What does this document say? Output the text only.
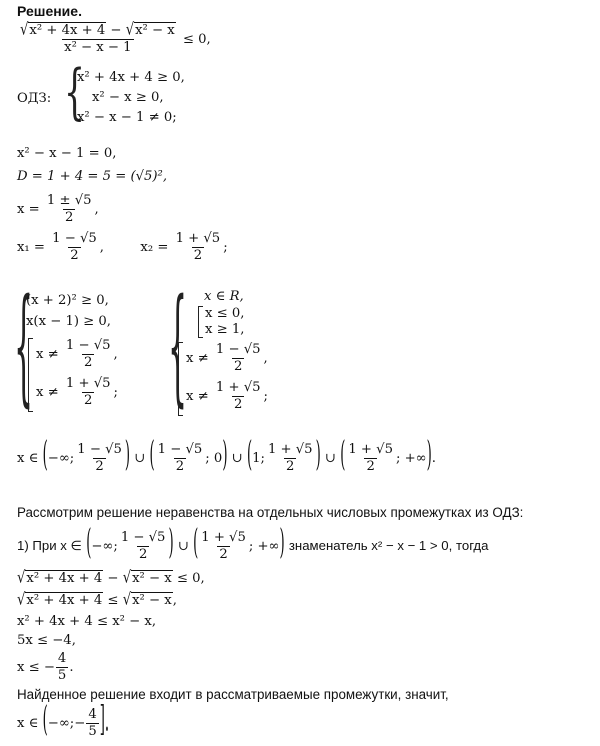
Решение.
$\frac{\text{√x² + 4x + 4 − √x² − x}}{\text{x² − x − 1}} \le 0$,
ОДЗ: {
x² + 4x + 4 ≥ 0,
x² − x ≥ 0,
x² − x − 1 ≠ 0;
x² − x − 1 = 0,
D = 1 + 4 = 5 = (√5)²,
$x = \frac{1 \pm √5}{2}$ ,
$x_1 = \frac{1 - √5}{2}$ ,	$x_2 = \frac{1 + √5}{2}$ ;
{
(x + 2)² ≥ 0,
x(x − 1) ≥ 0,
$x \ne \frac{1 - √5}{2}$ ,
$x \ne \frac{1 + √5}{2}$ ; { x ∈ R,
x ≤ 0,
x ≥ 1,
$x \ne \frac{1 - √5}{2}$ ,
$x \ne \frac{1 + √5}{2}$ ;
x ∈ (−∞; $\frac{1 - √5}{2}$ ) ∪ ( $\frac{1 - √5}{2}$ ; 0) ∪ (1; $\frac{1 + √5}{2}$ ) ∪ ( $\frac{1 + √5}{2}$ ; +∞).
Рассмотрим решение неравенства на отдельных числовых промежутках из ОДЗ:
1) При x ∈ (−∞; $\frac{1 - √5}{2}$ ) ∪ ( $\frac{1 + √5}{2}$ ; +∞) знаменатель x² − x − 1 > 0, тогда
√x² + 4x + 4 − √x² − x ≤ 0,
√x² + 4x + 4 ≤ √x² − x,
x² + 4x + 4 ≤ x² − x,
5x ≤ −4,
x ≤ − $\frac{4}{5}$ .
Найденное решение входит в рассматриваемые промежутки, значит,
x ∈ (−∞;− $\frac{4}{5}$ ].
